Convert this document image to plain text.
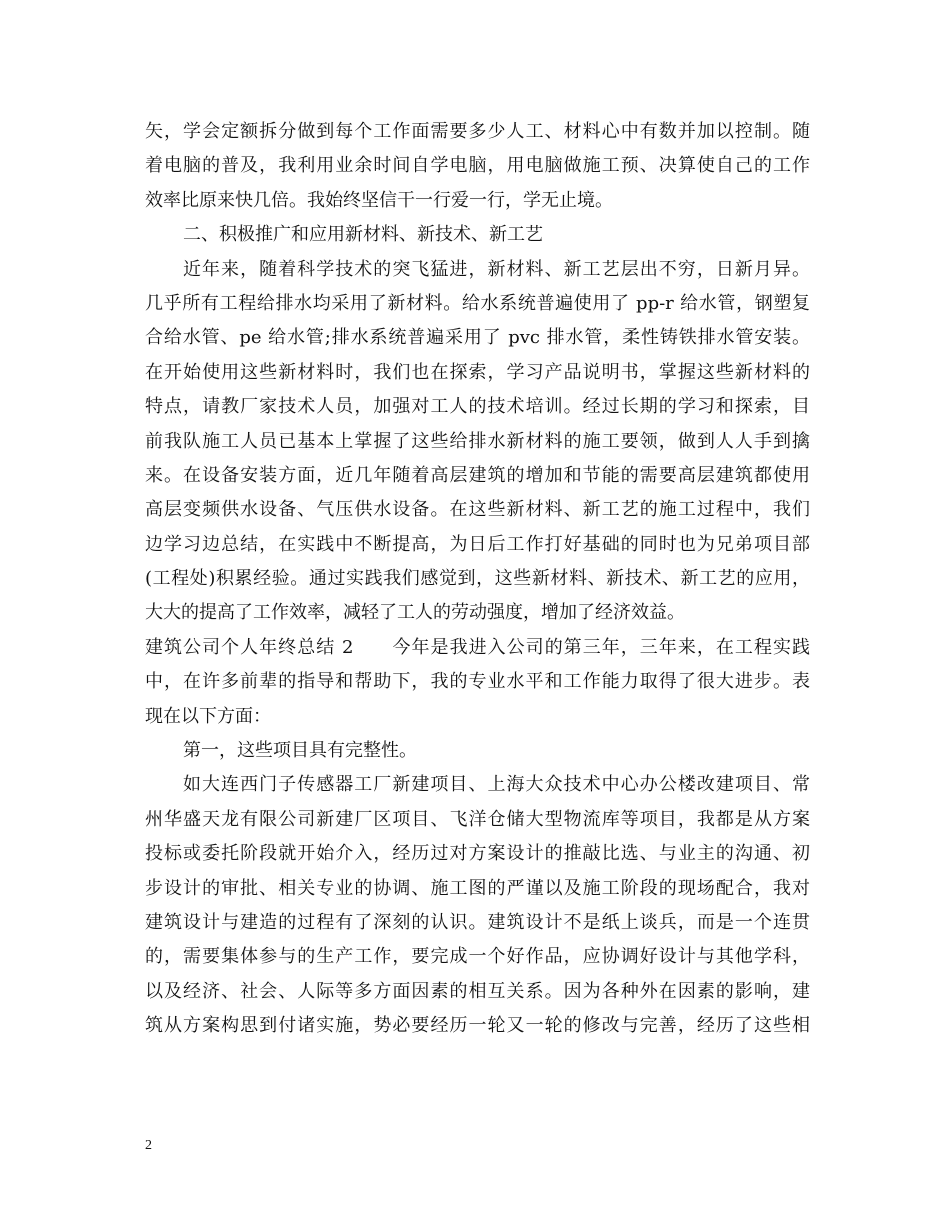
矢，学会定额拆分做到每个工作面需要多少人工、材料心中有数并加以控制。随
着电脑的普及，我利用业余时间自学电脑，用电脑做施工预、决算使自己的工作
效率比原来快几倍。我始终坚信干一行爱一行，学无止境。
二、积极推广和应用新材料、新技术、新工艺
近年来，随着科学技术的突飞猛进，新材料、新工艺层出不穷，日新月异。
几乎所有工程给排水均采用了新材料。给水系统普遍使用了 pp-r 给水管，钢塑复
合给水管、pe 给水管;排水系统普遍采用了 pvc 排水管，柔性铸铁排水管安装。
在开始使用这些新材料时，我们也在探索，学习产品说明书，掌握这些新材料的
特点，请教厂家技术人员，加强对工人的技术培训。经过长期的学习和探索，目
前我队施工人员已基本上掌握了这些给排水新材料的施工要领，做到人人手到擒
来。在设备安装方面，近几年随着高层建筑的增加和节能的需要高层建筑都使用
高层变频供水设备、气压供水设备。在这些新材料、新工艺的施工过程中，我们
边学习边总结，在实践中不断提高，为日后工作打好基础的同时也为兄弟项目部
(工程处)积累经验。通过实践我们感觉到，这些新材料、新技术、新工艺的应用，
大大的提高了工作效率，减轻了工人的劳动强度，增加了经济效益。
建筑公司个人年终总结 2　　今年是我进入公司的第三年，三年来，在工程实践
中，在许多前辈的指导和帮助下，我的专业水平和工作能力取得了很大进步。表
现在以下方面：
第一，这些项目具有完整性。
如大连西门子传感器工厂新建项目、上海大众技术中心办公楼改建项目、常
州华盛天龙有限公司新建厂区项目、飞洋仓储大型物流库等项目，我都是从方案
投标或委托阶段就开始介入，经历过对方案设计的推敲比选、与业主的沟通、初
步设计的审批、相关专业的协调、施工图的严谨以及施工阶段的现场配合，我对
建筑设计与建造的过程有了深刻的认识。建筑设计不是纸上谈兵，而是一个连贯
的，需要集体参与的生产工作，要完成一个好作品，应协调好设计与其他学科，
以及经济、社会、人际等多方面因素的相互关系。因为各种外在因素的影响，建
筑从方案构思到付诸实施，势必要经历一轮又一轮的修改与完善，经历了这些相
2
